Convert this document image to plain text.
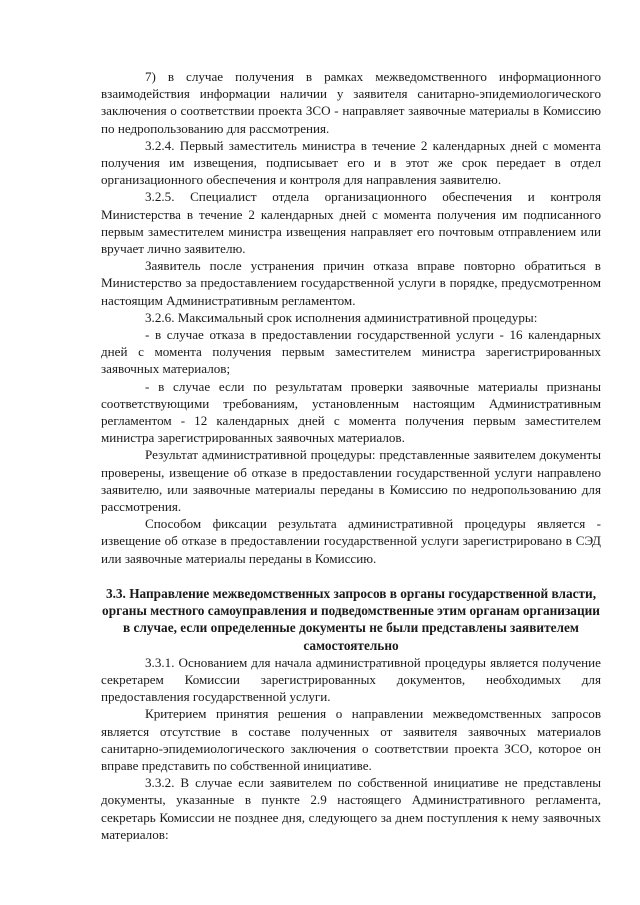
7) в случае получения в рамках межведомственного информационного взаимодействия информации наличии у заявителя санитарно-эпидемиологического заключения о соответствии проекта ЗСО - направляет заявочные материалы в Комиссию по недропользованию для рассмотрения.

3.2.4. Первый заместитель министра в течение 2 календарных дней с момента получения им извещения, подписывает его и в этот же срок передает в отдел организационного обеспечения и контроля для направления заявителю.

3.2.5. Специалист отдела организационного обеспечения и контроля Министерства в течение 2 календарных дней с момента получения им подписанного первым заместителем министра извещения направляет его почтовым отправлением или вручает лично заявителю.

Заявитель после устранения причин отказа вправе повторно обратиться в Министерство за предоставлением государственной услуги в порядке, предусмотренном настоящим Административным регламентом.

3.2.6. Максимальный срок исполнения административной процедуры:

- в случае отказа в предоставлении государственной услуги - 16 календарных дней с момента получения первым заместителем министра зарегистрированных заявочных материалов;

- в случае если по результатам проверки заявочные материалы признаны соответствующими требованиям, установленным настоящим Административным регламентом - 12 календарных дней с момента получения первым заместителем министра зарегистрированных заявочных материалов.

Результат административной процедуры: представленные заявителем документы проверены, извещение об отказе в предоставлении государственной услуги направлено заявителю, или заявочные материалы переданы в Комиссию по недропользованию для рассмотрения.

Способом фиксации результата административной процедуры является - извещение об отказе в предоставлении государственной услуги зарегистрировано в СЭД или заявочные материалы переданы в Комиссию.

3.3. Направление межведомственных запросов в органы государственной власти, органы местного самоуправления и подведомственные этим органам организации в случае, если определенные документы не были представлены заявителем самостоятельно

3.3.1. Основанием для начала административной процедуры является получение секретарем Комиссии зарегистрированных документов, необходимых для предоставления государственной услуги.

Критерием принятия решения о направлении межведомственных запросов является отсутствие в составе полученных от заявителя заявочных материалов санитарно-эпидемиологического заключения о соответствии проекта ЗСО, которое он вправе представить по собственной инициативе.

3.3.2. В случае если заявителем по собственной инициативе не представлены документы, указанные в пункте 2.9 настоящего Административного регламента, секретарь Комиссии не позднее дня, следующего за днем поступления к нему заявочных материалов:
